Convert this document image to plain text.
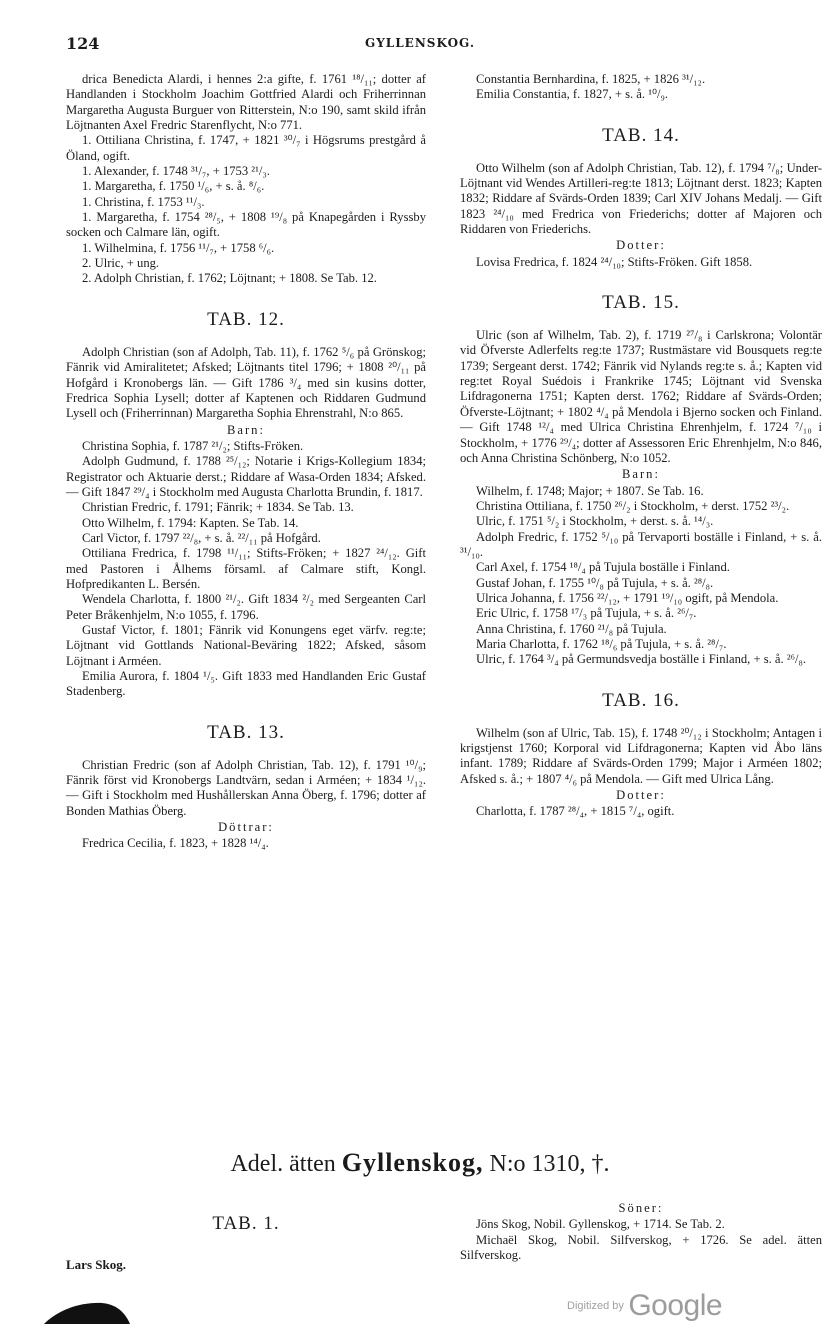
124	GYLLENSKOG.

drica Benedicta Alardi, i hennes 2:a gifte, f. 1761 ¹⁸/₁₁; dotter af Handlanden i Stockholm Joachim Gottfried Alardi och Friherrinnan Margaretha Augusta Burguer von Ritterstein, N:o 190, samt skild ifrån Löjtnanten Axel Fredric Starenflycht, N:o 771.

1. Ottiliana Christina, f. 1747, + 1821 ³⁰/₇ i Högsrums prestgård å Öland, ogift.

1. Alexander, f. 1748 ³¹/₇, + 1753 ²¹/₃.

1. Margaretha, f. 1750 ¹/₆, + s. å. ⁸/₆.

1. Christina, f. 1753 ¹¹/₃.

1. Margaretha, f. 1754 ²⁸/₅, + 1808 ¹⁹/₈ på Knapegården i Ryssby socken och Calmare län, ogift.

1. Wilhelmina, f. 1756 ¹¹/₇, + 1758 ⁶/₆.

2. Ulric, + ung.

2. Adolph Christian, f. 1762; Löjtnant; + 1808. Se Tab. 12.

TAB. 12.

Adolph Christian (son af Adolph, Tab. 11), f. 1762 ⁵/₆ på Grönskog; Fänrik vid Amiralitetet; Afsked; Löjtnants titel 1796; + 1808 ²⁰/₁₁ på Hofgård i Kronobergs län. — Gift 1786 ³/₄ med sin kusins dotter, Fredrica Sophia Lysell; dotter af Kaptenen och Riddaren Gudmund Lysell och (Friherrinnan) Margaretha Sophia Ehrenstrahl, N:o 865.

Barn:

Christina Sophia, f. 1787 ²¹/₂; Stifts-Fröken.

Adolph Gudmund, f. 1788 ²⁵/₁₂; Notarie i Krigs-Kollegium 1834; Registrator och Aktuarie derst.; Riddare af Wasa-Orden 1834; Afsked. — Gift 1847 ²⁹/₄ i Stockholm med Augusta Charlotta Brundin, f. 1817.

Christian Fredric, f. 1791; Fänrik; + 1834. Se Tab. 13.

Otto Wilhelm, f. 1794: Kapten. Se Tab. 14.

Carl Victor, f. 1797 ²²/₈, + s. å. ²²/₁₁ på Hofgård.

Ottiliana Fredrica, f. 1798 ¹¹/₁₁; Stifts-Fröken; + 1827 ²⁴/₁₂. Gift med Pastoren i Ålhems församl. af Calmare stift, Kongl. Hofpredikanten L. Bersén.

Wendela Charlotta, f. 1800 ²¹/₂. Gift 1834 ²/₂ med Sergeanten Carl Peter Bråkenhjelm, N:o 1055, f. 1796.

Gustaf Victor, f. 1801; Fänrik vid Konungens eget värfv. reg:te; Löjtnant vid Gottlands National-Beväring 1822; Afsked, såsom Löjtnant i Arméen.

Emilia Aurora, f. 1804 ¹/₅. Gift 1833 med Handlanden Eric Gustaf Stadenberg.

TAB. 13.

Christian Fredric (son af Adolph Christian, Tab. 12), f. 1791 ¹⁰/₉; Fänrik först vid Kronobergs Landtvärn, sedan i Arméen; + 1834 ¹/₁₂. — Gift i Stockholm med Hushållerskan Anna Öberg, f. 1796; dotter af Bonden Mathias Öberg.

Döttrar:

Fredrica Cecilia, f. 1823, + 1828 ¹⁴/₄.

Constantia Bernhardina, f. 1825, + 1826 ³¹/₁₂.

Emilia Constantia, f. 1827, + s. å. ¹⁰/₉.

TAB. 14.

Otto Wilhelm (son af Adolph Christian, Tab. 12), f. 1794 ⁷/₈; Under-Löjtnant vid Wendes Artilleri-reg:te 1813; Löjtnant derst. 1823; Kapten 1832; Riddare af Svärds-Orden 1839; Carl XIV Johans Medalj. — Gift 1823 ²⁴/₁₀ med Fredrica von Friederichs; dotter af Majoren och Riddaren von Friederichs.

Dotter:

Lovisa Fredrica, f. 1824 ²⁴/₁₀; Stifts-Fröken. Gift 1858.

TAB. 15.

Ulric (son af Wilhelm, Tab. 2), f. 1719 ²⁷/₈ i Carlskrona; Volontär vid Öfverste Adlerfelts reg:te 1737; Rustmästare vid Bousquets reg:te 1739; Sergeant derst. 1742; Fänrik vid Nylands reg:te s. å.; Kapten vid reg:tet Royal Suédois i Frankrike 1745; Löjtnant vid Svenska Lifdragonerna 1751; Kapten derst. 1762; Riddare af Svärds-Orden; Öfverste-Löjtnant; + 1802 ⁴/₄ på Mendola i Bjerno socken och Finland. — Gift 1748 ¹²/₄ med Ulrica Christina Ehrenhjelm, f. 1724 ⁷/₁₀ i Stockholm, + 1776 ²⁹/₄; dotter af Assessoren Eric Ehrenhjelm, N:o 846, och Anna Christina Schönberg, N:o 1052.

Barn:

Wilhelm, f. 1748; Major; + 1807. Se Tab. 16.

Christina Ottiliana, f. 1750 ²⁶/₂ i Stockholm, + derst. 1752 ²³/₂.

Ulric, f. 1751 ⁵/₂ i Stockholm, + derst. s. å. ¹⁴/₃.

Adolph Fredric, f. 1752 ⁵/₁₀ på Tervaporti boställe i Finland, + s. å. ³¹/₁₀.

Carl Axel, f. 1754 ¹⁸/₄ på Tujula boställe i Finland.

Gustaf Johan, f. 1755 ¹⁰/₈ på Tujula, + s. å. ²⁸/₈.

Ulrica Johanna, f. 1756 ²²/₁₂, + 1791 ¹⁹/₁₀ ogift, på Mendola.

Eric Ulric, f. 1758 ¹⁷/₃ på Tujula, + s. å. ²⁶/₇.

Anna Christina, f. 1760 ²¹/₈ på Tujula.

Maria Charlotta, f. 1762 ¹⁸/₆ på Tujula, + s. å. ²⁸/₇.

Ulric, f. 1764 ³/₄ på Germundsvedja boställe i Finland, + s. å. ²⁶/₈.

TAB. 16.

Wilhelm (son af Ulric, Tab. 15), f. 1748 ²⁰/₁₂ i Stockholm; Antagen i krigstjenst 1760; Korporal vid Lifdragonerna; Kapten vid Åbo läns infant. 1789; Riddare af Svärds-Orden 1799; Major i Arméen 1802; Afsked s. å.; + 1807 ⁴/₆ på Mendola. — Gift med Ulrica Lång.

Dotter:

Charlotta, f. 1787 ²⁸/₄, + 1815 ⁷/₄, ogift.

Adel. ätten Gyllenskog, N:o 1310, †.
TAB. 1.
Lars Skog.
Söner:

Jöns Skog, Nobil. Gyllenskog, + 1714. Se Tab. 2.

Michaël Skog, Nobil. Silfverskog, + 1726. Se adel. ätten Silfverskog.

Digitized by Google
